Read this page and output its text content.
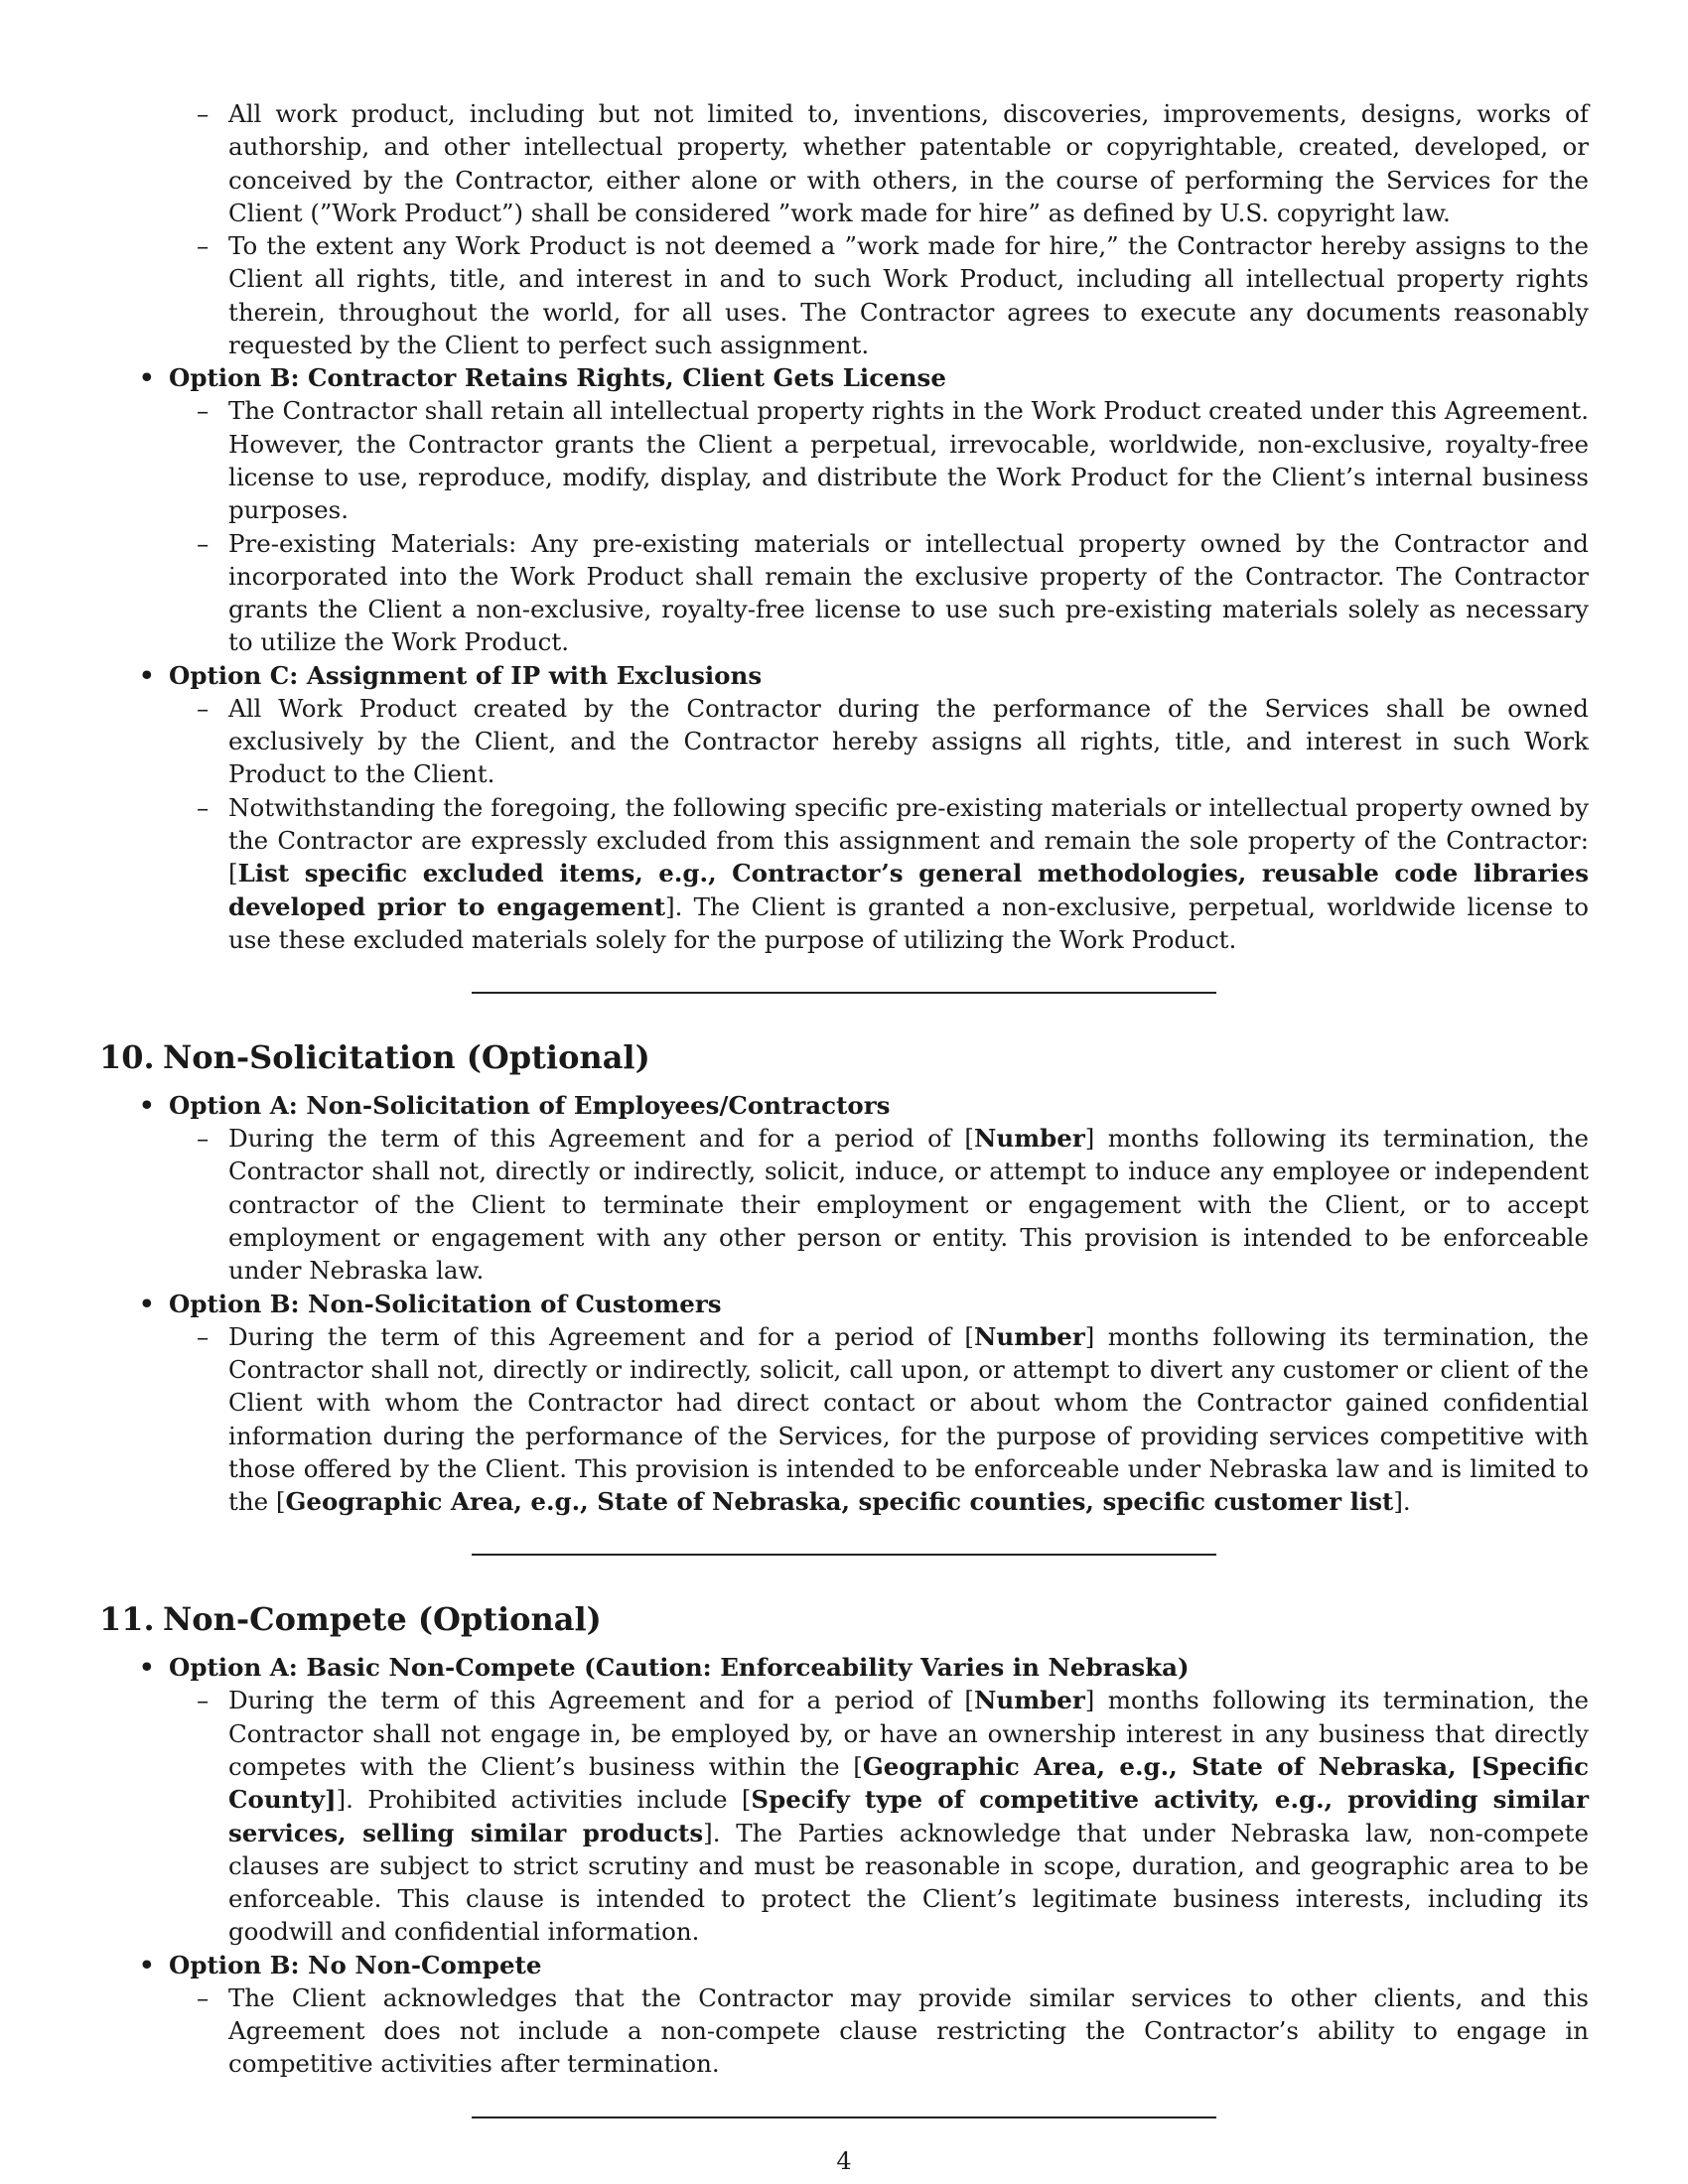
– All work product, including but not limited to, inventions, discoveries, improvements, designs, works of authorship, and other intellectual property, whether patentable or copyrightable, created, developed, or conceived by the Contractor, either alone or with others, in the course of performing the Services for the Client (”Work Product”) shall be considered ”work made for hire” as defined by U.S. copyright law.
– To the extent any Work Product is not deemed a ”work made for hire,” the Contractor hereby assigns to the Client all rights, title, and interest in and to such Work Product, including all intellectual property rights therein, throughout the world, for all uses. The Contractor agrees to execute any documents reasonably requested by the Client to perfect such assignment.
• Option B: Contractor Retains Rights, Client Gets License
– The Contractor shall retain all intellectual property rights in the Work Product created under this Agreement. However, the Contractor grants the Client a perpetual, irrevocable, worldwide, non-exclusive, royalty-free license to use, reproduce, modify, display, and distribute the Work Product for the Client’s internal business purposes.
– Pre-existing Materials: Any pre-existing materials or intellectual property owned by the Contractor and incorporated into the Work Product shall remain the exclusive property of the Contractor. The Contractor grants the Client a non-exclusive, royalty-free license to use such pre-existing materials solely as necessary to utilize the Work Product.
• Option C: Assignment of IP with Exclusions
– All Work Product created by the Contractor during the performance of the Services shall be owned exclusively by the Client, and the Contractor hereby assigns all rights, title, and interest in such Work Product to the Client.
– Notwithstanding the foregoing, the following specific pre-existing materials or intellectual property owned by the Contractor are expressly excluded from this assignment and remain the sole property of the Contractor: [List specific excluded items, e.g., Contractor’s general methodologies, reusable code libraries developed prior to engagement]. The Client is granted a non-exclusive, perpetual, worldwide license to use these excluded materials solely for the purpose of utilizing the Work Product.
10. Non-Solicitation (Optional)
• Option A: Non-Solicitation of Employees/Contractors
– During the term of this Agreement and for a period of [Number] months following its termination, the Contractor shall not, directly or indirectly, solicit, induce, or attempt to induce any employee or independent contractor of the Client to terminate their employment or engagement with the Client, or to accept employment or engagement with any other person or entity. This provision is intended to be enforceable under Nebraska law.
• Option B: Non-Solicitation of Customers
– During the term of this Agreement and for a period of [Number] months following its termination, the Contractor shall not, directly or indirectly, solicit, call upon, or attempt to divert any customer or client of the Client with whom the Contractor had direct contact or about whom the Contractor gained confidential information during the performance of the Services, for the purpose of providing services competitive with those offered by the Client. This provision is intended to be enforceable under Nebraska law and is limited to the [Geographic Area, e.g., State of Nebraska, specific counties, specific customer list].
11. Non-Compete (Optional)
• Option A: Basic Non-Compete (Caution: Enforceability Varies in Nebraska)
– During the term of this Agreement and for a period of [Number] months following its termination, the Contractor shall not engage in, be employed by, or have an ownership interest in any business that directly competes with the Client’s business within the [Geographic Area, e.g., State of Nebraska, [Specific County]]. Prohibited activities include [Specify type of competitive activity, e.g., providing similar services, selling similar products]. The Parties acknowledge that under Nebraska law, non-compete clauses are subject to strict scrutiny and must be reasonable in scope, duration, and geographic area to be enforceable. This clause is intended to protect the Client’s legitimate business interests, including its goodwill and confidential information.
• Option B: No Non-Compete
– The Client acknowledges that the Contractor may provide similar services to other clients, and this Agreement does not include a non-compete clause restricting the Contractor’s ability to engage in competitive activities after termination.
4
